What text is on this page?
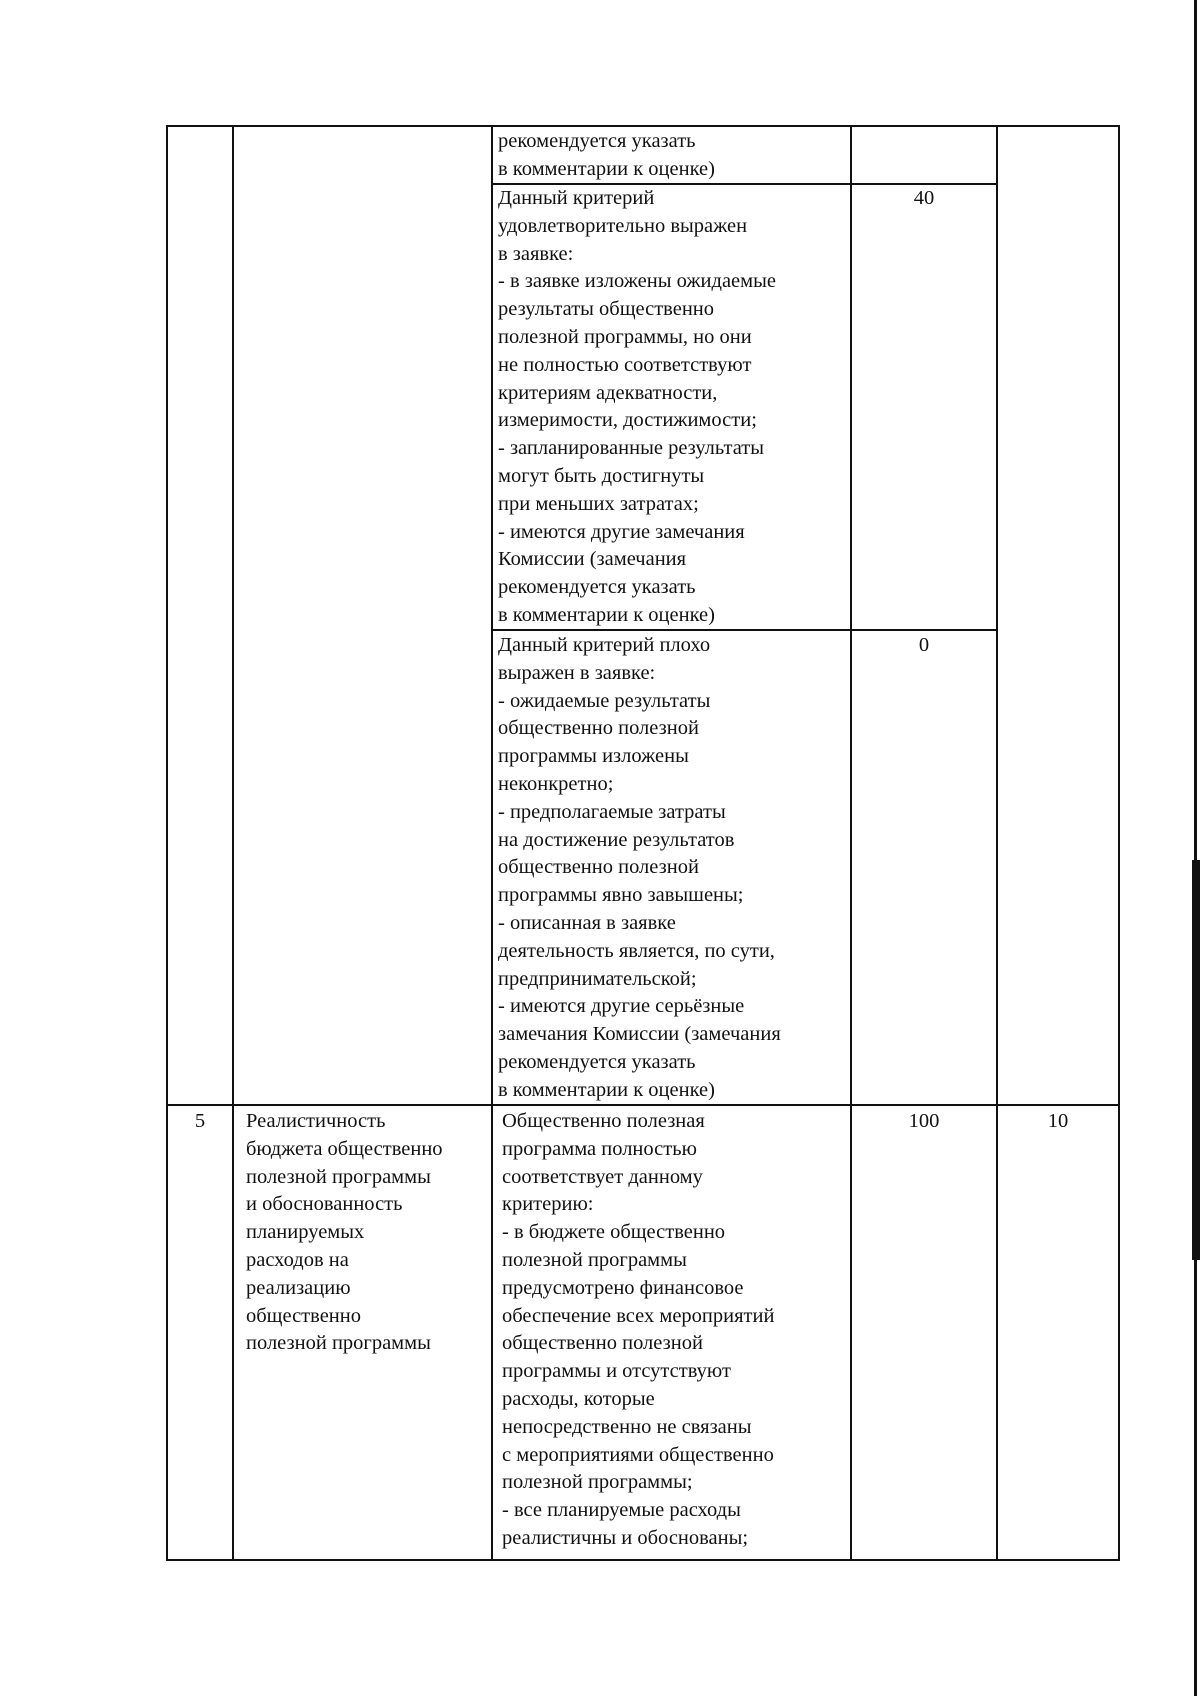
рекомендуется указать
в комментарии к оценке)
Данный критерий
удовлетворительно выражен
в заявке:
- в заявке изложены ожидаемые
результаты общественно
полезной программы, но они
не полностью соответствуют
критериям адекватности,
измеримости, достижимости;
- запланированные результаты
могут быть достигнуты
при меньших затратах;
- имеются другие замечания
Комиссии (замечания
рекомендуется указать
в комментарии к оценке)
40
Данный критерий плохо
выражен в заявке:
- ожидаемые результаты
общественно полезной
программы изложены
неконкретно;
- предполагаемые затраты
на достижение результатов
общественно полезной
программы явно завышены;
- описанная в заявке
деятельность является, по сути,
предпринимательской;
- имеются другие серьёзные
замечания Комиссии (замечания
рекомендуется указать
в комментарии к оценке)
0
5	Реалистичность
бюджета общественно
полезной программы
и обоснованность
планируемых
расходов на
реализацию
общественно
полезной программы
Общественно полезная
программа полностью
соответствует данному
критерию:
- в бюджете общественно
полезной программы
предусмотрено финансовое
обеспечение всех мероприятий
общественно полезной
программы и отсутствуют
расходы, которые
непосредственно не связаны
с мероприятиями общественно
полезной программы;
- все планируемые расходы
реалистичны и обоснованы;
100	10
